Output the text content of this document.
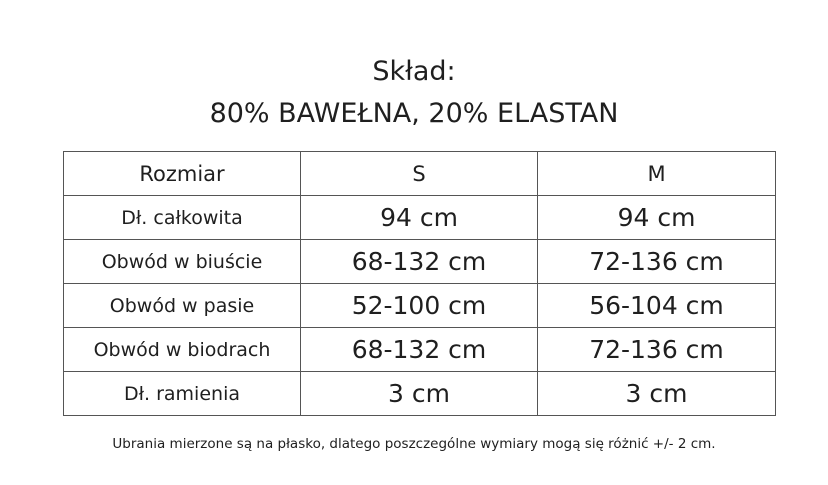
Skład:
80% BAWEŁNA, 20% ELASTAN
Rozmiar	S	M
Dł. całkowita	94 cm	94 cm
Obwód w biuście	68-132 cm	72-136 cm
Obwód w pasie	52-100 cm	56-104 cm
Obwód w biodrach	68-132 cm	72-136 cm
Dł. ramienia	3 cm	3 cm
Ubrania mierzone są na płasko, dlatego poszczególne wymiary mogą się różnić +/- 2 cm.
